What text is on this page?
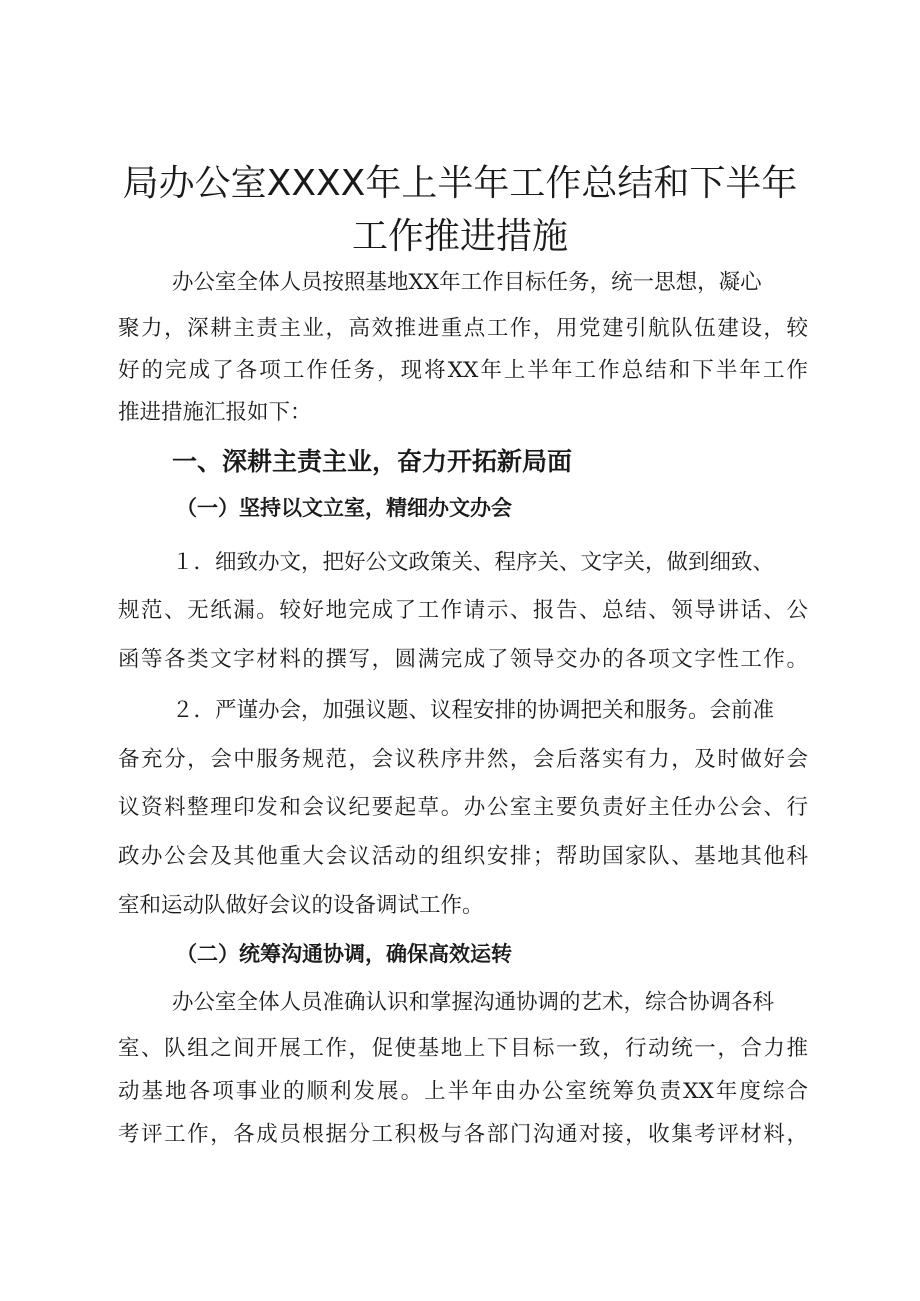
局办公室XXXX年上半年工作总结和下半年
工作推进措施

办公室全体人员按照基地XX年工作目标任务，统一思想，凝心

聚力，深耕主责主业，高效推进重点工作，用党建引航队伍建设，较

好的完成了各项工作任务，现将XX年上半年工作总结和下半年工作

推进措施汇报如下：

一、深耕主责主业，奋力开拓新局面
（一）坚持以文立室，精细办文办会

１．细致办文，把好公文政策关、程序关、文字关，做到细致、

规范、无纸漏。较好地完成了工作请示、报告、总结、领导讲话、公

函等各类文字材料的撰写，圆满完成了领导交办的各项文字性工作。

２．严谨办会，加强议题、议程安排的协调把关和服务。会前准

备充分，会中服务规范，会议秩序井然，会后落实有力，及时做好会

议资料整理印发和会议纪要起草。办公室主要负责好主任办公会、行

政办公会及其他重大会议活动的组织安排；帮助国家队、基地其他科

室和运动队做好会议的设备调试工作。

（二）统筹沟通协调，确保高效运转

办公室全体人员准确认识和掌握沟通协调的艺术，综合协调各科

室、队组之间开展工作，促使基地上下目标一致，行动统一，合力推

动基地各项事业的顺利发展。上半年由办公室统筹负责XX年度综合

考评工作，各成员根据分工积极与各部门沟通对接，收集考评材料，
